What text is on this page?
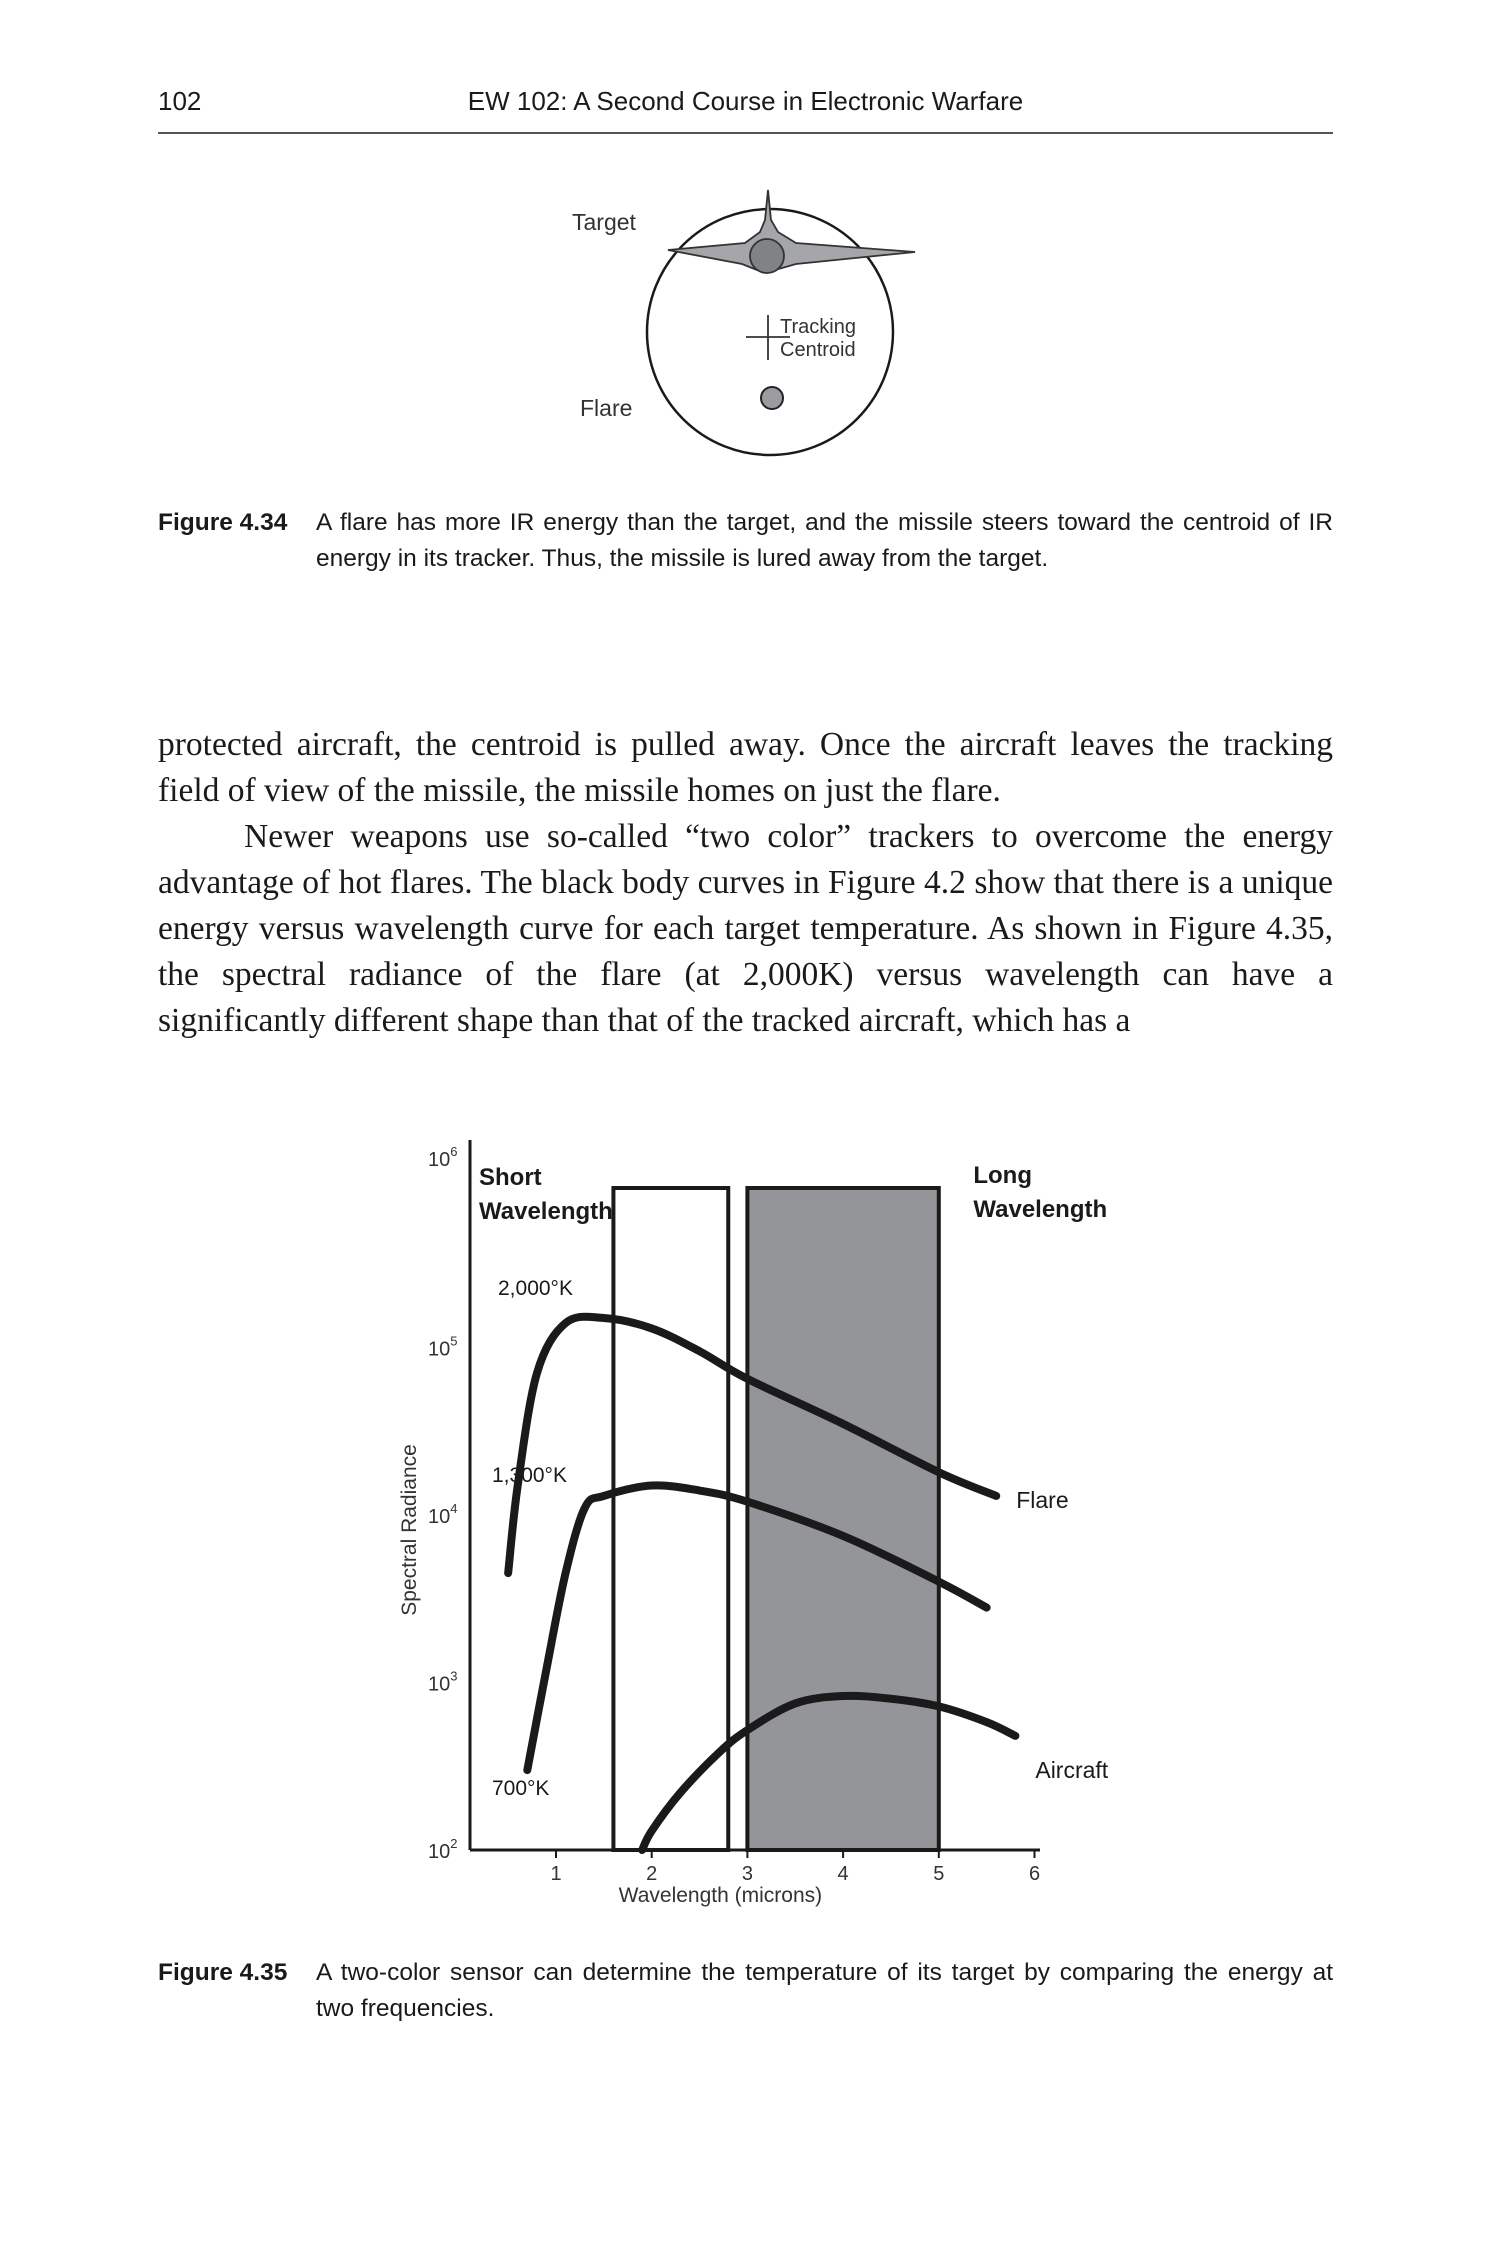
102	EW 102: A Second Course in Electronic Warfare
Target
Tracking
Centroid
Flare
Figure 4.34 A flare has more IR energy than the target, and the missile steers toward the centroid of IR energy in its tracker. Thus, the missile is lured away from the target.

protected aircraft, the centroid is pulled away. Once the aircraft leaves the tracking field of view of the missile, the missile homes on just the flare.

Newer weapons use so-called “two color” trackers to overcome the energy advantage of hot flares. The black body curves in Figure 4.2 show that there is a unique energy versus wavelength curve for each target temperature. As shown in Figure 4.35, the spectral radiance of the flare (at 2,000K) versus wavelength can have a significantly different shape than that of the tracked aircraft, which has a

1	2	3	4	5	6
$10^6$
$10^5$
$10^4$
$10^3$
$10^2$
Wavelength (microns)
Spectral Radiance
Short
Wavelength
Long
Wavelength
2,000°K
Flare
1,300°K
700°K
Aircraft
Figure 4.35 A two-color sensor can determine the temperature of its target by comparing the energy at two frequencies.
